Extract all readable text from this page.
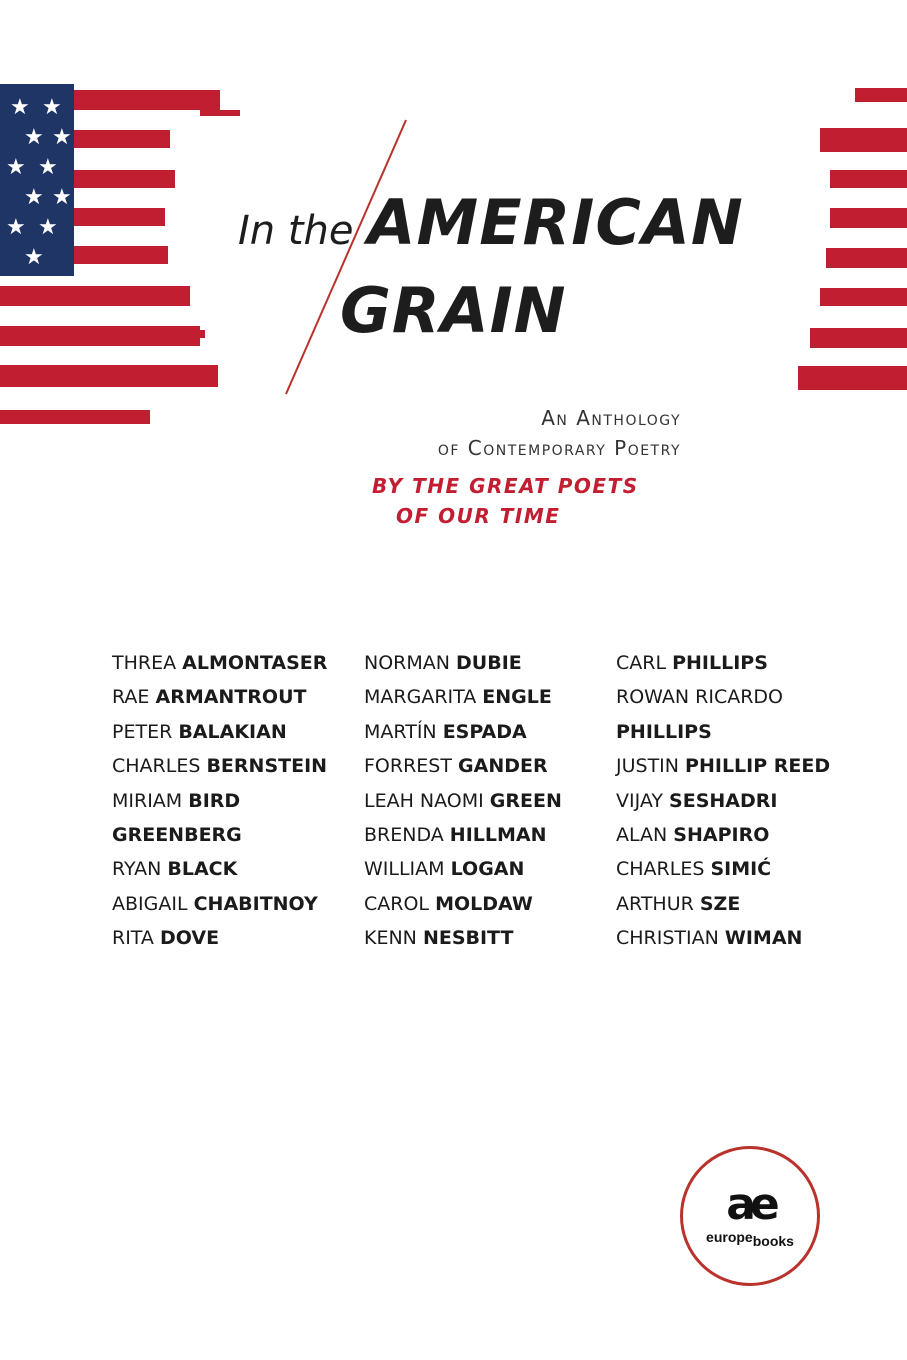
★ ★
★ ★
★ ★
★ ★
★ ★
★
In the AMERICAN
GRAIN
An Anthology
of Contemporary Poetry
BY THE GREAT POETS
OF OUR TIME
THREA ALMONTASER
RAE ARMANTROUT
PETER BALAKIAN
CHARLES BERNSTEIN
MIRIAM BIRD
GREENBERG
RYAN BLACK
ABIGAIL CHABITNOY
RITA DOVE
NORMAN DUBIE
MARGARITA ENGLE
MARTÍN ESPADA
FORREST GANDER
LEAH NAOMI GREEN
BRENDA HILLMAN
WILLIAM LOGAN
CAROL MOLDAW
KENN NESBITT
CARL PHILLIPS
ROWAN RICARDO
PHILLIPS
JUSTIN PHILLIP REED
VIJAY SESHADRI
ALAN SHAPIRO
CHARLES SIMIĆ
ARTHUR SZE
CHRISTIAN WIMAN
ae
europebooks
